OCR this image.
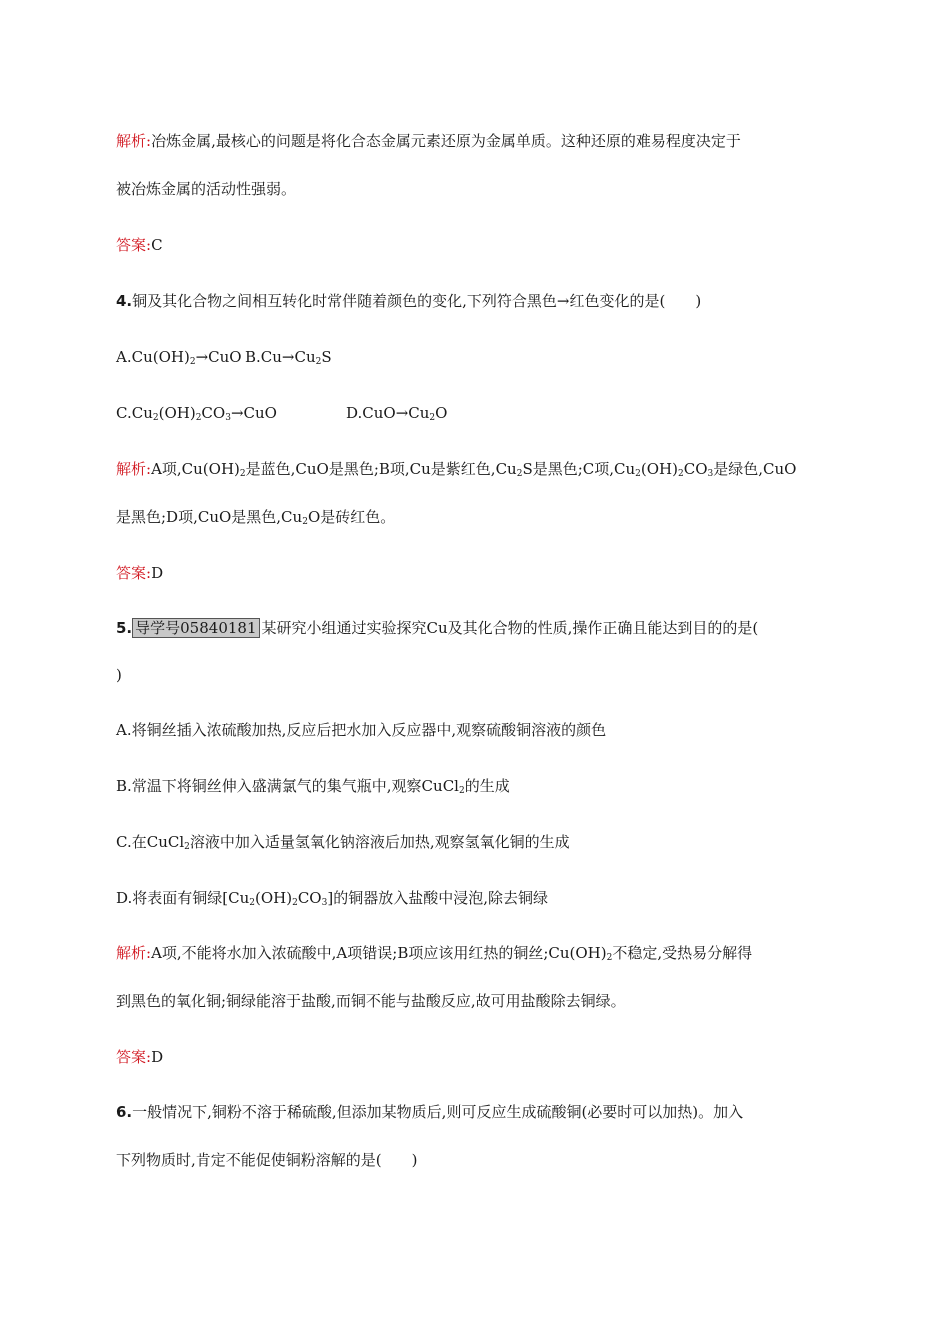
解析:冶炼金属,最核心的问题是将化合态金属元素还原为金属单质。这种还原的难易程度决定于
被冶炼金属的活动性强弱。
答案:C
4.铜及其化合物之间相互转化时常伴随着颜色的变化,下列符合黑色→红色变化的是(　　)
$A.Cu(OH)_2\to CuO$ $B.Cu\to Cu_2S$
$C.Cu_2(OH)_2CO_3\to CuO$	$D.CuO\to Cu_2O$
解析:A项$,Cu(OH)_2$是蓝色,CuO是黑色;B项,Cu是紫红色$,Cu_2S$是黑色;C项$,Cu_2(OH)_2CO_3$是绿色,CuO
是黑色;D项,CuO是黑色$,Cu_2O$是砖红色。
答案:D
5. 导学号05840181 某研究小组通过实验探究Cu及其化合物的性质,操作正确且能达到目的的是(
)
A.将铜丝插入浓硫酸加热,反应后把水加入反应器中,观察硫酸铜溶液的颜色
B.常温下将铜丝伸入盛满氯气的集气瓶中,观察CuCl$_2$的生成
C.在CuCl$_2$溶液中加入适量氢氧化钠溶液后加热,观察氢氧化铜的生成
D.将表面有铜绿$[Cu_2(OH)_2CO_3]$的铜器放入盐酸中浸泡,除去铜绿
解析:A项,不能将水加入浓硫酸中,A项错误;B项应该用红热的铜丝$;Cu(OH)_2$不稳定,受热易分解得
到黑色的氧化铜;铜绿能溶于盐酸,而铜不能与盐酸反应,故可用盐酸除去铜绿。
答案:D
6.一般情况下,铜粉不溶于稀硫酸,但添加某物质后,则可反应生成硫酸铜(必要时可以加热)。加入
下列物质时,肯定不能促使铜粉溶解的是(　　)
